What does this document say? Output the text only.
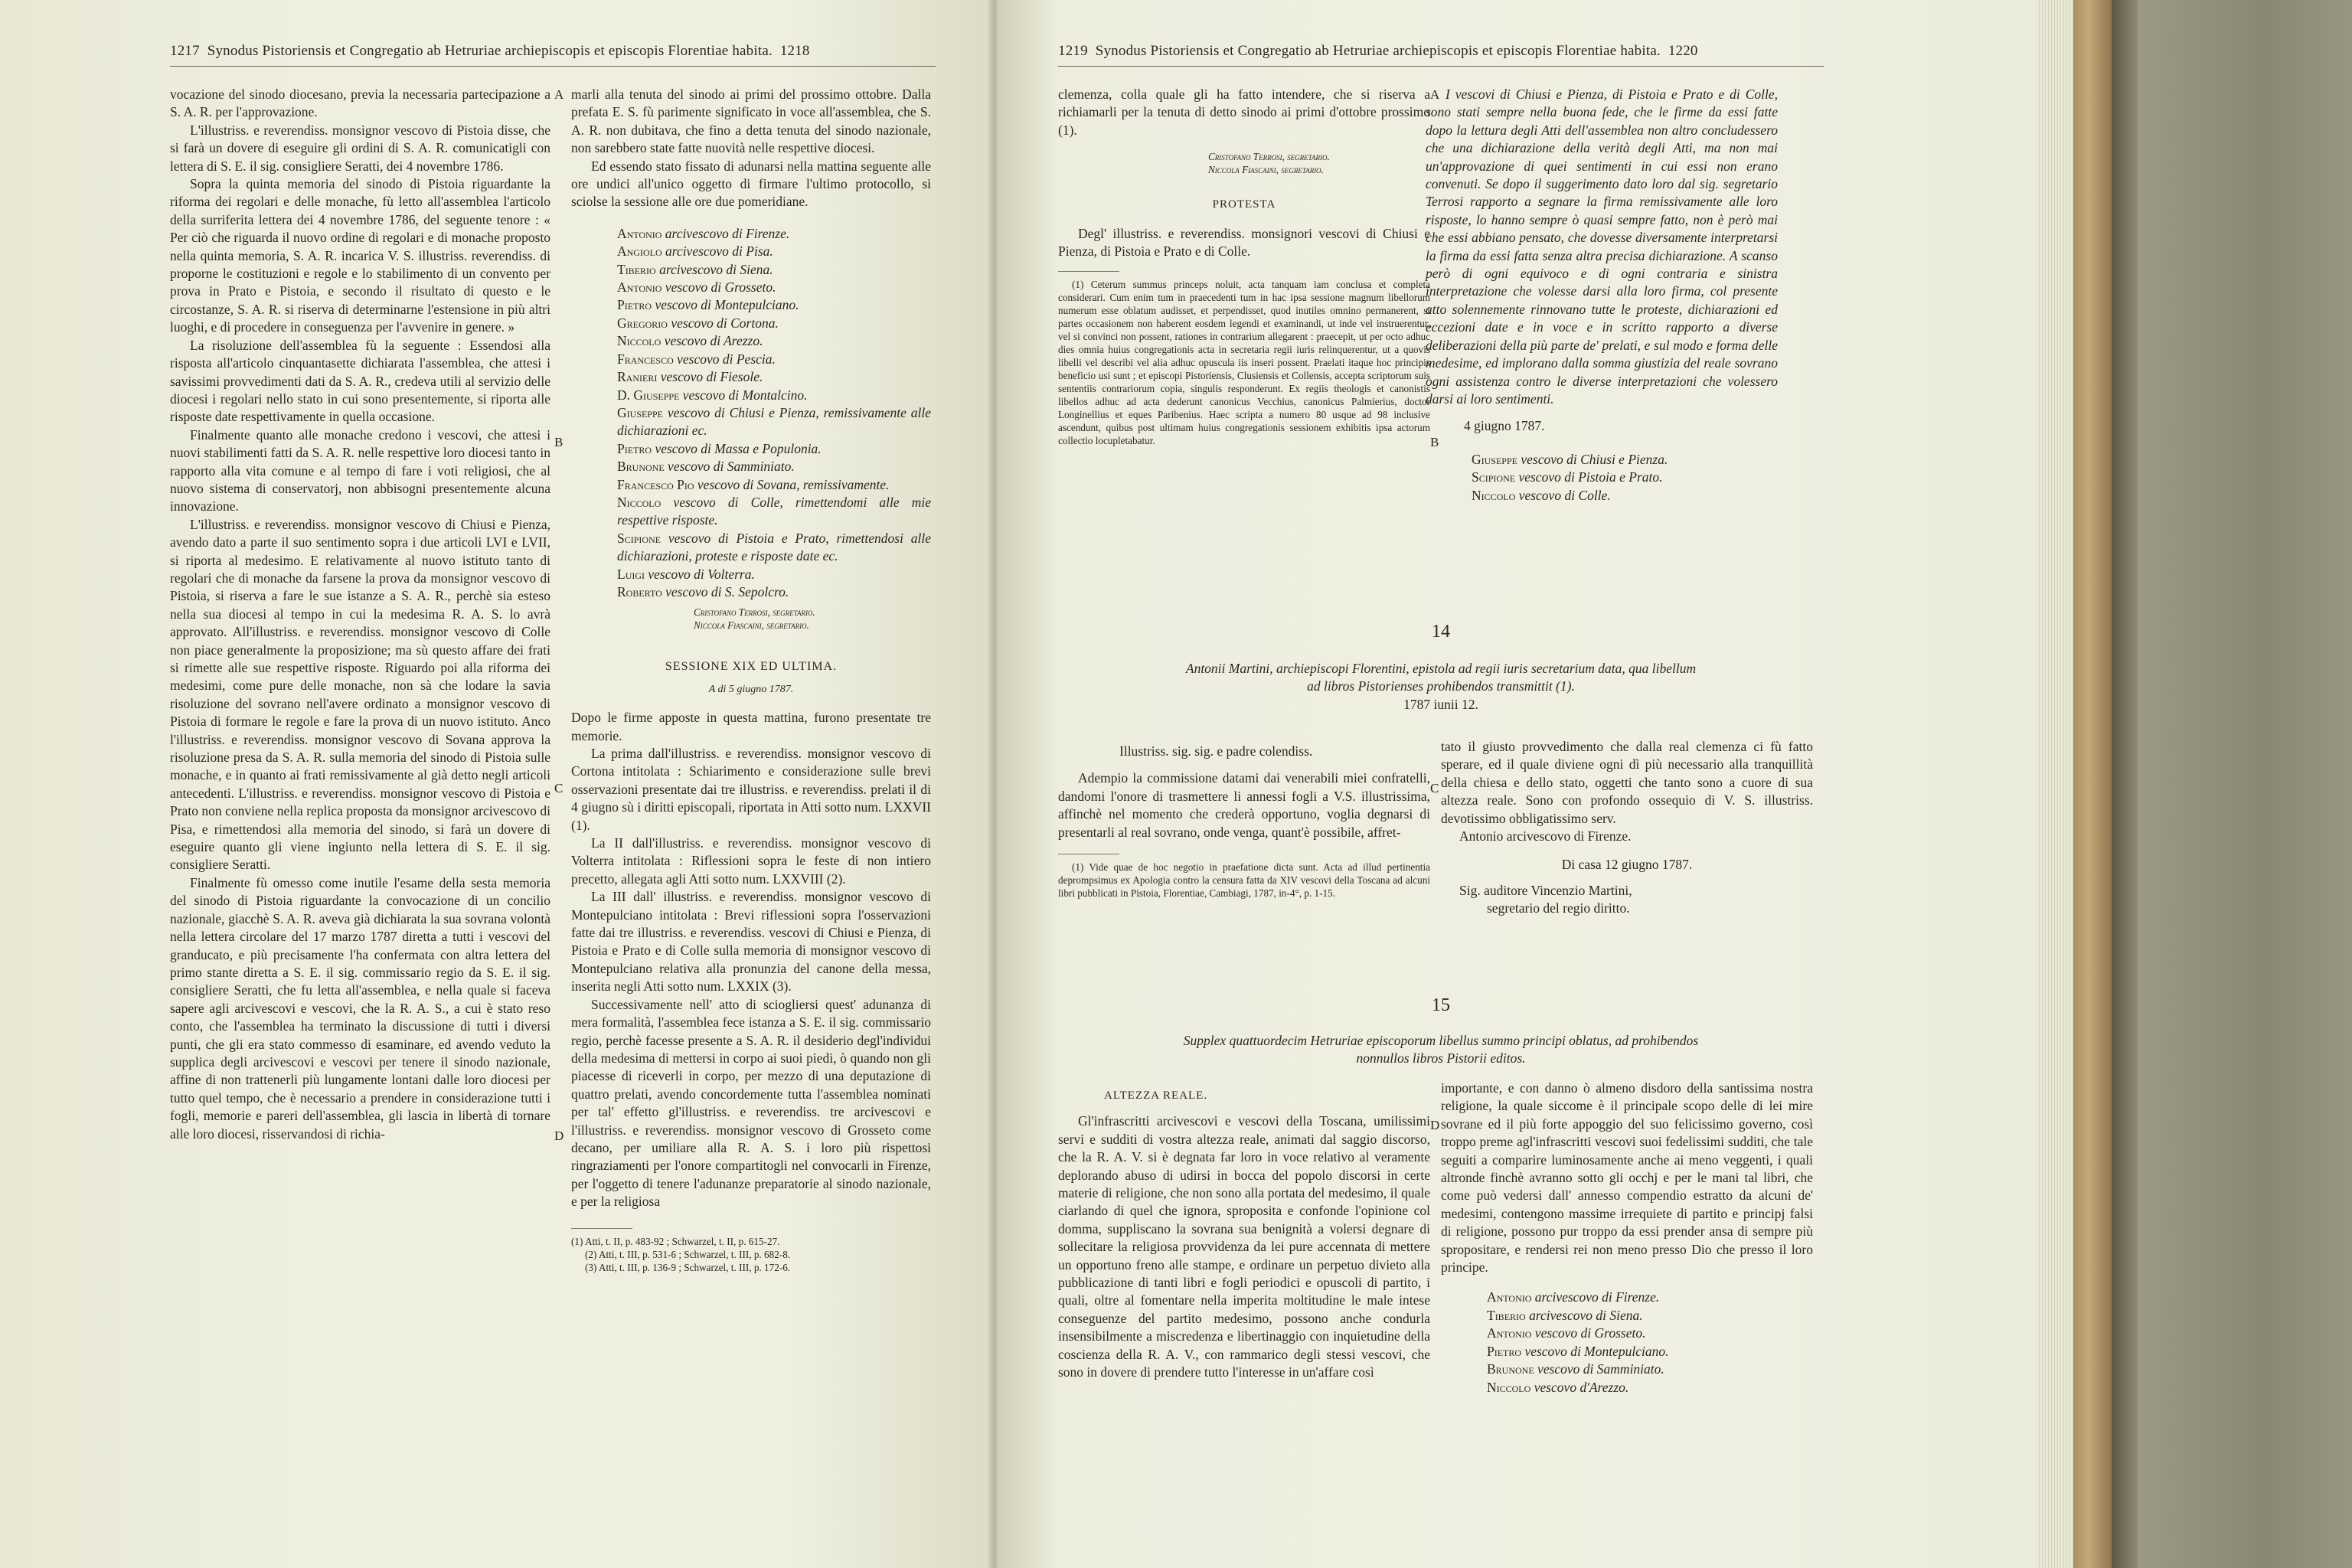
1217 Synodus Pistoriensis et Congregatio ab Hetruriae archiepiscopis et episcopis Florentiae habita. 1218

vocazione del sinodo diocesano, previa la necessaria partecipazione a S. A. R. per l'approvazione.

L'illustriss. e reverendiss. monsignor vescovo di Pistoia disse, che si farà un dovere di eseguire gli ordini di S. A. R. comunicatigli con lettera di S. E. il sig. consigliere Seratti, dei 4 novembre 1786.

Sopra la quinta memoria del sinodo di Pistoia riguardante la riforma dei regolari e delle monache, fù letto all'assemblea l'articolo della surriferita lettera dei 4 novembre 1786, del seguente tenore : « Per ciò che riguarda il nuovo ordine di regolari e di monache proposto nella quinta memoria, S. A. R. incarica V. S. illustriss. reverendiss. di proporne le costituzioni e regole e lo stabilimento di un convento per prova in Prato e Pistoia, e secondo il risultato di questo e le circostanze, S. A. R. si riserva di determinarne l'estensione in più altri luoghi, e di procedere in conseguenza per l'avvenire in genere. »

La risoluzione dell'assemblea fù la seguente : Essendosi alla risposta all'articolo cinquantasette dichiarata l'assemblea, che attesi i savissimi provvedimenti dati da S. A. R., credeva utili al servizio delle diocesi i regolari nello stato in cui sono presentemente, si riporta alle risposte date respettivamente in quella occasione.

Finalmente quanto alle monache credono i vescovi, che attesi i nuovi stabilimenti fatti da S. A. R. nelle respettive loro diocesi tanto in rapporto alla vita comune e al tempo di fare i voti religiosi, che al nuovo sistema di conservatorj, non abbisogni presentemente alcuna innovazione.

L'illustriss. e reverendiss. monsignor vescovo di Chiusi e Pienza, avendo dato a parte il suo sentimento sopra i due articoli LVI e LVII, si riporta al medesimo. E relativamente al nuovo istituto tanto di regolari che di monache da farsene la prova da monsignor vescovo di Pistoia, si riserva a fare le sue istanze a S. A. R., perchè sia esteso nella sua diocesi al tempo in cui la medesima R. A. S. lo avrà approvato. All'illustriss. e reverendiss. monsignor vescovo di Colle non piace generalmente la proposizione; ma sù questo affare dei frati si rimette alle sue respettive risposte. Riguardo poi alla riforma dei medesimi, come pure delle monache, non sà che lodare la savia risoluzione del sovrano nell'avere ordinato a monsignor vescovo di Pistoia di formare le regole e fare la prova di un nuovo istituto. Anco l'illustriss. e reverendiss. monsignor vescovo di Sovana approva la risoluzione presa da S. A. R. sulla memoria del sinodo di Pistoia sulle monache, e in quanto ai frati remissivamente al già detto negli articoli antecedenti. L'illustriss. e reverendiss. monsignor vescovo di Pistoia e Prato non conviene nella replica proposta da monsignor arcivescovo di Pisa, e rimettendosi alla memoria del sinodo, si farà un dovere di eseguire quanto gli viene ingiunto nella lettera di S. E. il sig. consigliere Seratti.

Finalmente fù omesso come inutile l'esame della sesta memoria del sinodo di Pistoia riguardante la convocazione di un concilio nazionale, giacchè S. A. R. aveva già dichiarata la sua sovrana volontà nella lettera circolare del 17 marzo 1787 diretta a tutti i vescovi del granducato, e più precisamente l'ha confermata con altra lettera del primo stante diretta a S. E. il sig. commissario regio da S. E. il sig. consigliere Seratti, che fu letta all'assemblea, e nella quale si faceva sapere agli arcivescovi e vescovi, che la R. A. S., a cui è stato reso conto, che l'assemblea ha terminato la discussione di tutti i diversi punti, che gli era stato commesso di esaminare, ed avendo veduto la supplica degli arcivescovi e vescovi per tenere il sinodo nazionale, affine di non trattenerli più lungamente lontani dalle loro diocesi per tutto quel tempo, che è necessario a prendere in considerazione tutti i fogli, memorie e pareri dell'assemblea, gli lascia in libertà di tornare alle loro diocesi, risservandosi di richia-

marli alla tenuta del sinodo ai primi del prossimo ottobre. Dalla prefata E. S. fù parimente significato in voce all'assemblea, che S. A. R. non dubitava, che fino a detta tenuta del sinodo nazionale, non sarebbero state fatte nuovità nelle respettive diocesi.

Ed essendo stato fissato di adunarsi nella mattina seguente alle ore undici all'unico oggetto di firmare l'ultimo protocollo, si sciolse la sessione alle ore due pomeridiane.

Antonio arcivescovo di Firenze.

Angiolo arcivescovo di Pisa.

Tiberio arcivescovo di Siena.

Antonio vescovo di Grosseto.

Pietro vescovo di Montepulciano.

Gregorio vescovo di Cortona.

Niccolo vescovo di Arezzo.

Francesco vescovo di Pescia.

Ranieri vescovo di Fiesole.

D. Giuseppe vescovo di Montalcino.

Giuseppe vescovo di Chiusi e Pienza, remissivamente alle dichiarazioni ec.

Pietro vescovo di Massa e Populonia.

Brunone vescovo di Samminiato.

Francesco Pio vescovo di Sovana, remissivamente.

Niccolo vescovo di Colle, rimettendomi alle mie respettive risposte.

Scipione vescovo di Pistoia e Prato, rimettendosi alle dichiarazioni, proteste e risposte date ec.

Luigi vescovo di Volterra.

Roberto vescovo di S. Sepolcro.

Cristofano Terrosi, segretario.
Niccola Fiascaini, segretario.
SESSIONE XIX ED ULTIMA.
A di 5 giugno 1787.

Dopo le firme apposte in questa mattina, furono presentate tre memorie.

La prima dall'illustriss. e reverendiss. monsignor vescovo di Cortona intitolata : Schiarimento e considerazione sulle brevi osservazioni presentate dai tre illustriss. e reverendiss. prelati il di 4 giugno sù i diritti episcopali, riportata in Atti sotto num. LXXVII (1).

La II dall'illustriss. e reverendiss. monsignor vescovo di Volterra intitolata : Riflessioni sopra le feste di non intiero precetto, allegata agli Atti sotto num. LXXVIII (2).

La III dall' illustriss. e reverendiss. monsignor vescovo di Montepulciano intitolata : Brevi riflessioni sopra l'osservazioni fatte dai tre illustriss. e reverendiss. vescovi di Chiusi e Pienza, di Pistoia e Prato e di Colle sulla memoria di monsignor vescovo di Montepulciano relativa alla pronunzia del canone della messa, inserita negli Atti sotto num. LXXIX (3).

Successivamente nell' atto di sciogliersi quest' adunanza di mera formalità, l'assemblea fece istanza a S. E. il sig. commissario regio, perchè facesse presente a S. A. R. il desiderio degl'individui della medesima di mettersi in corpo ai suoi piedi, ò quando non gli piacesse di riceverli in corpo, per mezzo di una deputazione di quattro prelati, avendo concordemente tutta l'assemblea nominati per tal' effetto gl'illustriss. e reverendiss. tre arcivescovi e l'illustriss. e reverendiss. monsignor vescovo di Grosseto come decano, per umiliare alla R. A. S. i loro più rispettosi ringraziamenti per l'onore compartitogli nel convocarli in Firenze, per l'oggetto di tenere l'adunanze preparatorie al sinodo nazionale, e per la religiosa

(1) Atti, t. II, p. 483-92 ; Schwarzel, t. II, p. 615-27.

(2) Atti, t. III, p. 531-6 ; Schwarzel, t. III, p. 682-8.

(3) Atti, t. III, p. 136-9 ; Schwarzel, t. III, p. 172-6.

A
B
C
D
1219 Synodus Pistoriensis et Congregatio ab Hetruriae archiepiscopis et episcopis Florentiae habita. 1220

clemenza, colla quale gli ha fatto intendere, che si riserva a richiamarli per la tenuta di detto sinodo ai primi d'ottobre prossimo (1).

Cristofano Terrosi, segretario.
Niccola Fiascaini, segretario.
PROTESTA

Degl' illustriss. e reverendiss. monsignori vescovi di Chiusi e Pienza, di Pistoia e Prato e di Colle.

(1) Ceterum summus princeps noluit, acta tanquam iam conclusa et completa considerari. Cum enim tum in praecedenti tum in hac ipsa sessione magnum libellorum numerum esse oblatum audisset, et perpendisset, quod inutiles omnino permanerent, si partes occasionem non haberent eosdem legendi et examinandi, ut inde vel instruerentur, vel si convinci non possent, rationes in contrarium allegarent : praecepit, ut per octo adhuc dies omnia huius congregationis acta in secretaria regii iuris relinquerentur, ut a quovis libelli vel describi vel alia adhuc opuscula iis inseri possent. Praelati itaque hoc principis beneficio usi sunt ; et episcopi Pistoriensis, Clusiensis et Collensis, accepta scriptorum suis sententiis contrariorum copia, singulis responderunt. Ex regiis theologis et canonistis libellos adhuc ad acta dederunt canonicus Vecchius, canonicus Palmierius, doctor Longinellius et eques Paribenius. Haec scripta a numero 80 usque ad 98 inclusive ascendunt, quibus post ultimam huius congregationis sessionem exhibitis ipsa actorum collectio locupletabatur.

I vescovi di Chiusi e Pienza, di Pistoia e Prato e di Colle, sono stati sempre nella buona fede, che le firme da essi fatte dopo la lettura degli Atti dell'assemblea non altro concludessero che una dichiarazione della verità degli Atti, ma non mai un'approvazione di quei sentimenti in cui essi non erano convenuti. Se dopo il suggerimento dato loro dal sig. segretario Terrosi rapporto a segnare la firma remissivamente alle loro risposte, lo hanno sempre ò quasi sempre fatto, non è però mai che essi abbiano pensato, che dovesse diversamente interpretarsi la firma da essi fatta senza altra precisa dichiarazione. A scanso però di ogni equivoco e di ogni contraria e sinistra interpretazione che volesse darsi alla loro firma, col presente atto solennemente rinnovano tutte le proteste, dichiarazioni ed eccezioni date e in voce e in scritto rapporto a diverse deliberazioni della più parte de' prelati, e sul modo e forma delle medesime, ed implorano dalla somma giustizia del reale sovrano ogni assistenza contro le diverse interpretazioni che volessero darsi ai loro sentimenti.

4 giugno 1787.

Giuseppe vescovo di Chiusi e Pienza.

Scipione vescovo di Pistoia e Prato.

Niccolo vescovo di Colle.

14
Antonii Martini, archiepiscopi Florentini, epistola ad regii iuris secretarium data, qua libellum
ad libros Pistorienses prohibendos transmittit (1).
1787 iunii 12.
Illustriss. sig. sig. e padre colendiss.

Adempio la commissione datami dai venerabili miei confratelli, dandomi l'onore di trasmettere li annessi fogli a V.S. illustrissima, affinchè nel momento che crederà opportuno, voglia degnarsi di presentarli al real sovrano, onde venga, quant'è possibile, affret-

(1) Vide quae de hoc negotio in praefatione dicta sunt. Acta ad illud pertinentia deprompsimus ex Apologia contro la censura fatta da XIV vescovi della Toscana ad alcuni libri pubblicati in Pistoia, Florentiae, Cambiagi, 1787, in-4°, p. 1-15.

tato il giusto provvedimento che dalla real clemenza ci fù fatto sperare, ed il quale diviene ogni dì più necessario alla tranquillità della chiesa e dello stato, oggetti che tanto sono a cuore di sua altezza reale. Sono con profondo ossequio di V. S. illustriss. devotissimo obbligatissimo serv.

Antonio arcivescovo di Firenze.
Di casa 12 giugno 1787.
Sig. auditore Vincenzio Martini,
segretario del regio diritto.
15
Supplex quattuordecim Hetruriae episcoporum libellus summo principi oblatus, ad prohibendos
nonnullos libros Pistorii editos.
ALTEZZA REALE.

Gl'infrascritti arcivescovi e vescovi della Toscana, umilissimi servi e sudditi di vostra altezza reale, animati dal saggio discorso, che la R. A. V. si è degnata far loro in voce relativo al veramente deplorando abuso di udirsi in bocca del popolo discorsi in certe materie di religione, che non sono alla portata del medesimo, il quale ciarlando di quel che ignora, sproposita e confonde l'opinione col domma, suppliscano la sovrana sua benignità a volersi degnare di sollecitare la religiosa provvidenza da lei pure accennata di mettere un opportuno freno alle stampe, e ordinare un perpetuo divieto alla pubblicazione di tanti libri e fogli periodici e opuscoli di partito, i quali, oltre al fomentare nella imperita moltitudine le male intese conseguenze del partito medesimo, possono anche condurla insensibilmente a miscredenza e libertinaggio con inquietudine della coscienza della R. A. V., con rammarico degli stessi vescovi, che sono in dovere di prendere tutto l'interesse in un'affare così

importante, e con danno ò almeno disdoro della santissima nostra religione, la quale siccome è il principale scopo delle di lei mire sovrane ed il più forte appoggio del suo felicissimo governo, così troppo preme agl'infrascritti vescovi suoi fedelissimi sudditi, che tale seguiti a comparire luminosamente anche ai meno veggenti, i quali altronde finchè avranno sotto gli occhj e per le mani tal libri, che come può vedersi dall' annesso compendio estratto da alcuni de' medesimi, contengono massime irrequiete di partito e principj falsi di religione, possono pur troppo da essi prender ansa di sempre più spropositare, e rendersi rei non meno presso Dio che presso il loro principe.

Antonio arcivescovo di Firenze.

Tiberio arcivescovo di Siena.

Antonio vescovo di Grosseto.

Pietro vescovo di Montepulciano.

Brunone vescovo di Samminiato.

Niccolo vescovo d'Arezzo.

A
B
C
D
